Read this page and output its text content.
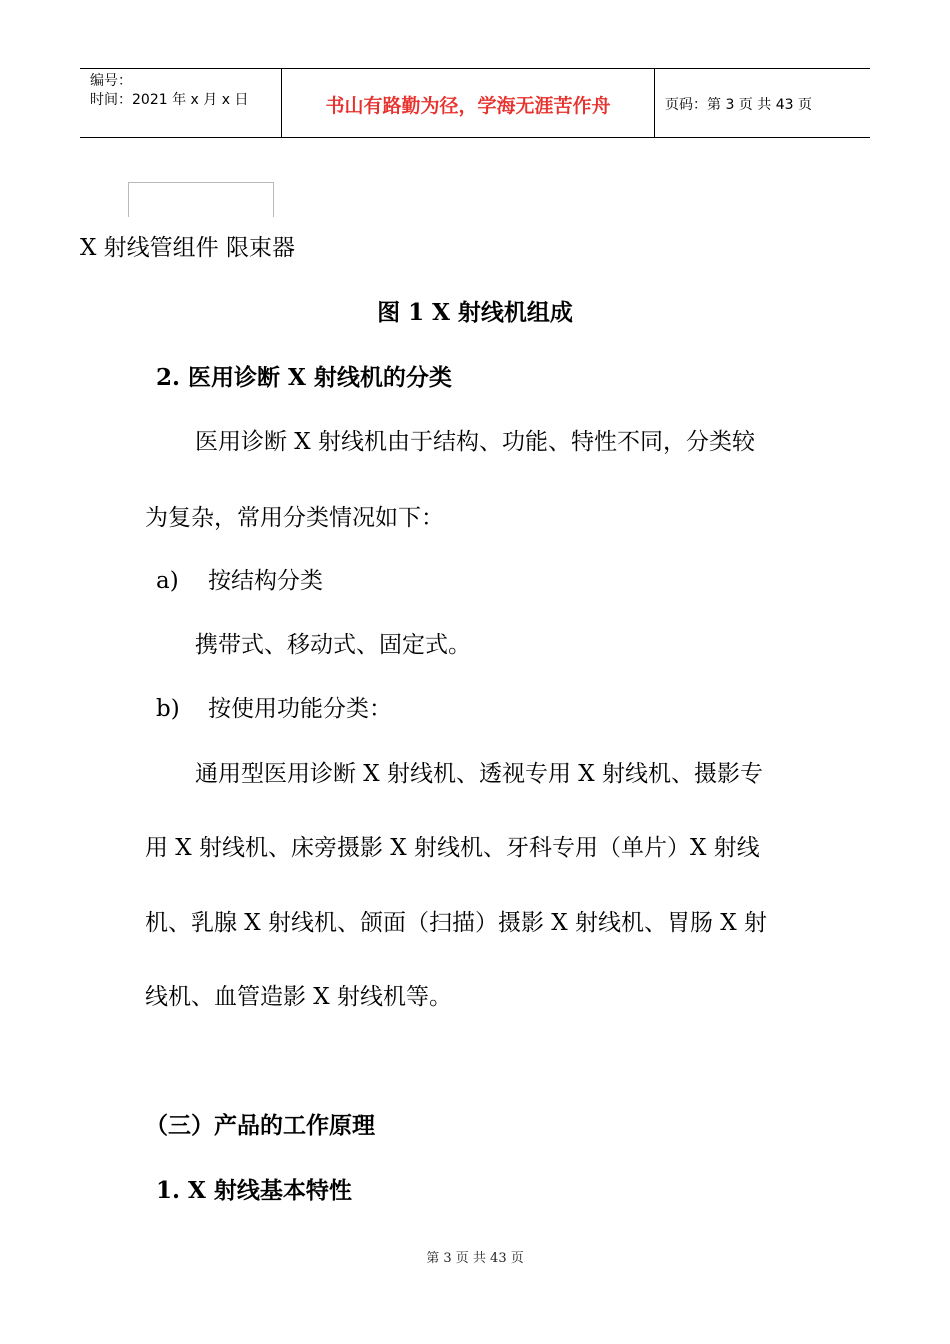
编号：
时间：2021 年 x 月 x 日	书山有路勤为径，学海无涯苦作舟	页码：第 3 页 共 43 页
X 射线管组件 限束器
图 1 X 射线机组成
2. 医用诊断 X 射线机的分类
医用诊断 X 射线机由于结构、功能、特性不同，分类较
为复杂，常用分类情况如下：
a) 按结构分类
携带式、移动式、固定式。
b) 按使用功能分类：
通用型医用诊断 X 射线机、透视专用 X 射线机、摄影专
用 X 射线机、床旁摄影 X 射线机、牙科专用（单片）X 射线
机、乳腺 X 射线机、颌面（扫描）摄影 X 射线机、胃肠 X 射
线机、血管造影 X 射线机等。
（三）产品的工作原理
1. X 射线基本特性
第 3 页 共 43 页
